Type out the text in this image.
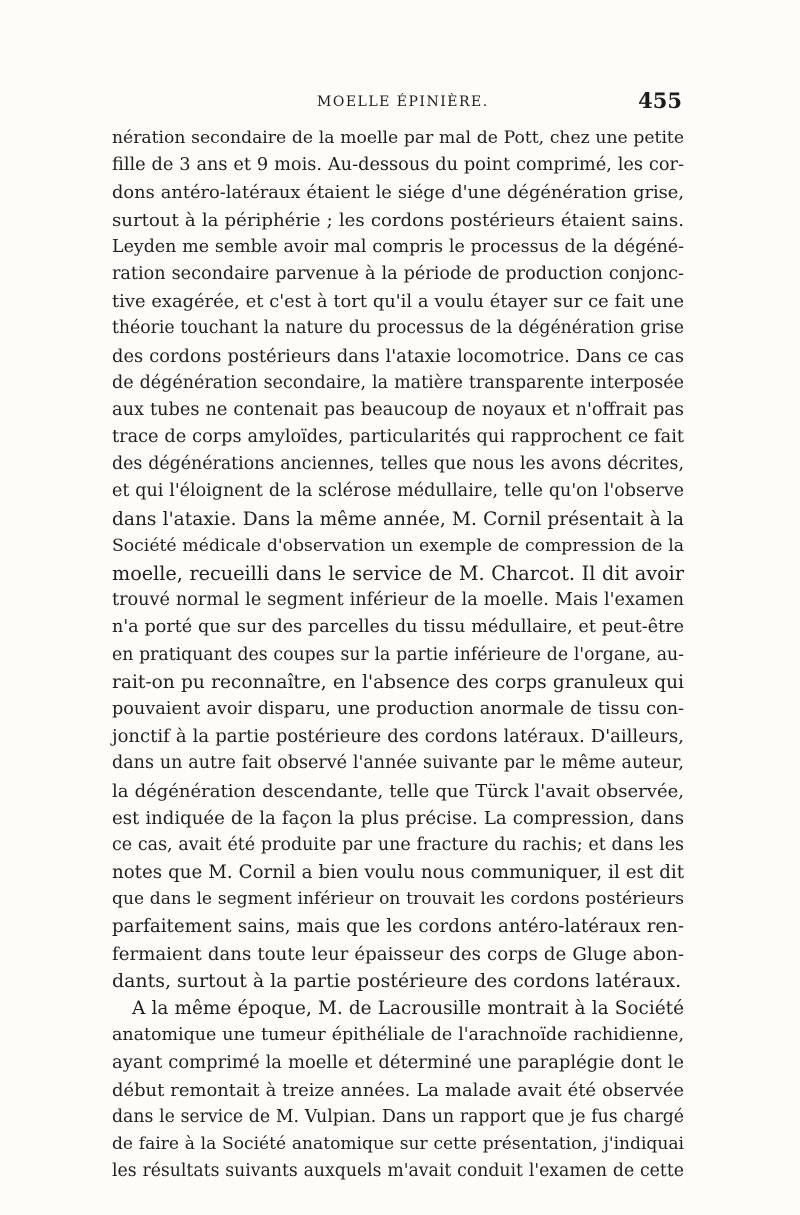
MOELLE ÉPINIÈRE.	455
nération secondaire de la moelle par mal de Pott, chez une petite
fille de 3 ans et 9 mois. Au-dessous du point comprimé, les cor-
dons antéro-latéraux étaient le siége d'une dégénération grise,
surtout à la périphérie ; les cordons postérieurs étaient sains.
Leyden me semble avoir mal compris le processus de la dégéné-
ration secondaire parvenue à la période de production conjonc-
tive exagérée, et c'est à tort qu'il a voulu étayer sur ce fait une
théorie touchant la nature du processus de la dégénération grise
des cordons postérieurs dans l'ataxie locomotrice. Dans ce cas
de dégénération secondaire, la matière transparente interposée
aux tubes ne contenait pas beaucoup de noyaux et n'offrait pas
trace de corps amyloïdes, particularités qui rapprochent ce fait
des dégénérations anciennes, telles que nous les avons décrites,
et qui l'éloignent de la sclérose médullaire, telle qu'on l'observe
dans l'ataxie. Dans la même année, M. Cornil présentait à la
Société médicale d'observation un exemple de compression de la
moelle, recueilli dans le service de M. Charcot. Il dit avoir
trouvé normal le segment inférieur de la moelle. Mais l'examen
n'a porté que sur des parcelles du tissu médullaire, et peut-être
en pratiquant des coupes sur la partie inférieure de l'organe, au-
rait-on pu reconnaître, en l'absence des corps granuleux qui
pouvaient avoir disparu, une production anormale de tissu con-
jonctif à la partie postérieure des cordons latéraux. D'ailleurs,
dans un autre fait observé l'année suivante par le même auteur,
la dégénération descendante, telle que Türck l'avait observée,
est indiquée de la façon la plus précise. La compression, dans
ce cas, avait été produite par une fracture du rachis; et dans les
notes que M. Cornil a bien voulu nous communiquer, il est dit
que dans le segment inférieur on trouvait les cordons postérieurs
parfaitement sains, mais que les cordons antéro-latéraux ren-
fermaient dans toute leur épaisseur des corps de Gluge abon-
dants, surtout à la partie postérieure des cordons latéraux.
A la même époque, M. de Lacrousille montrait à la Société
anatomique une tumeur épithéliale de l'arachnoïde rachidienne,
ayant comprimé la moelle et déterminé une paraplégie dont le
début remontait à treize années. La malade avait été observée
dans le service de M. Vulpian. Dans un rapport que je fus chargé
de faire à la Société anatomique sur cette présentation, j'indiquai
les résultats suivants auxquels m'avait conduit l'examen de cette
